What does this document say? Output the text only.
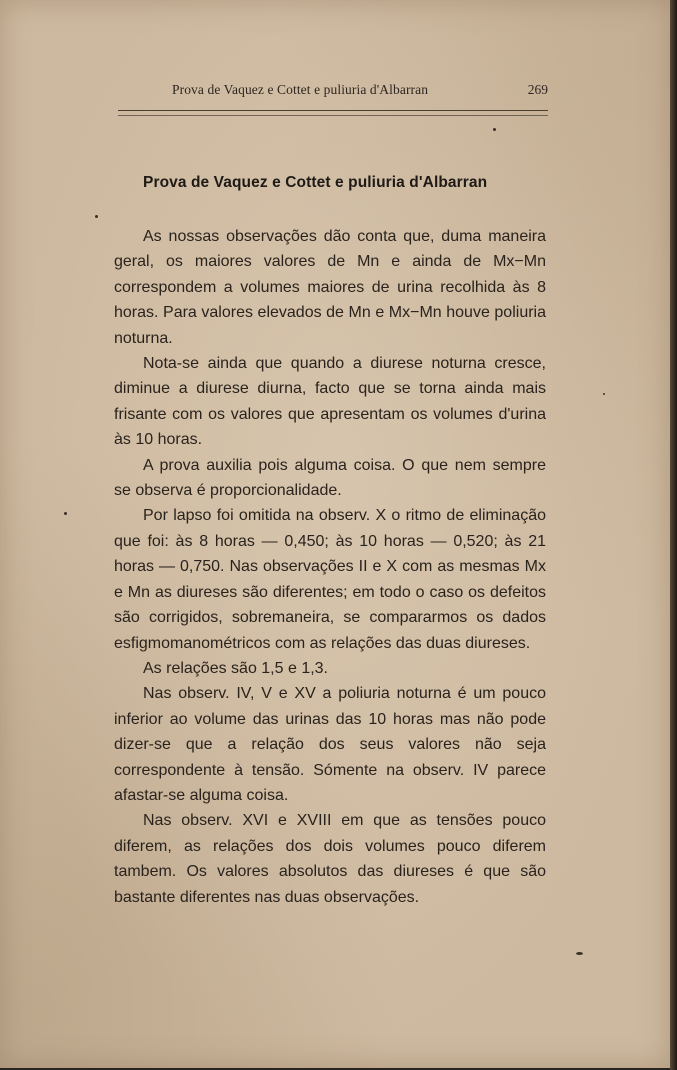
Prova de Vaquez e Cottet e puliuria d'Albarran	269
Prova de Vaquez e Cottet e puliuria d'Albarran

As nossas observações dão conta que, duma maneira geral, os maiores valores de Mn e ainda de Mx−Mn correspondem a volumes maiores de urina recolhida às 8 horas. Para valores elevados de Mn e Mx−Mn houve poliuria noturna.

Nota-se ainda que quando a diurese noturna cresce, diminue a diurese diurna, facto que se torna ainda mais frisante com os valores que apresentam os volumes d'urina às 10 horas.

A prova auxilia pois alguma coisa. O que nem sempre se observa é proporcionalidade.

Por lapso foi omitida na observ. X o ritmo de eliminação que foi: às 8 horas — 0,450; às 10 horas — 0,520; às 21 horas — 0,750. Nas observações II e X com as mesmas Mx e Mn as diureses são diferentes; em todo o caso os defeitos são corrigidos, sobremaneira, se compararmos os dados esfigmomanométricos com as relações das duas diureses.

As relações são 1,5 e 1,3.

Nas observ. IV, V e XV a poliuria noturna é um pouco inferior ao volume das urinas das 10 horas mas não pode dizer-se que a relação dos seus valores não seja correspondente à tensão. Sómente na observ. IV parece afastar-se alguma coisa.

Nas observ. XVI e XVIII em que as tensões pouco diferem, as relações dos dois volumes pouco diferem tambem. Os valores absolutos das diureses é que são bastante diferentes nas duas observações.
